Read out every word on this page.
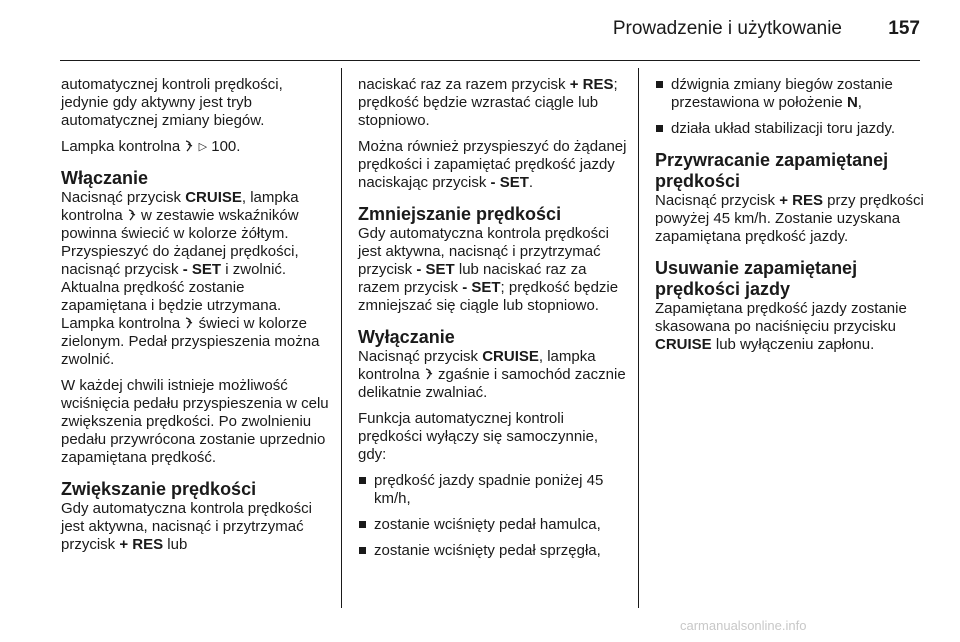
Prowadzenie i użytkowanie	157

automatycznej kontroli prędkości, jedynie gdy aktywny jest tryb automatycznej zmiany biegów.

Lampka kontrolna ▷ 100.

Włączanie

Nacisnąć przycisk CRUISE, lampka kontrolna
w zestawie wskaźników powinna świecić w kolorze żółtym. Przyspieszyć do żądanej prędkości, nacisnąć przycisk - SET i zwolnić. Aktualna prędkość zostanie zapamiętana i będzie utrzymana. Lampka kontrolna
świeci w kolorze zielonym. Pedał przyspieszenia można zwolnić.

W każdej chwili istnieje możliwość wciśnięcia pedału przyspieszenia w celu zwiększenia prędkości. Po zwolnieniu pedału przywrócona zostanie uprzednio zapamiętana prędkość.

Zwiększanie prędkości

Gdy automatyczna kontrola prędkości jest aktywna, nacisnąć i przytrzymać przycisk + RES lub

naciskać raz za razem przycisk + RES; prędkość będzie wzrastać ciągle lub stopniowo.

Można również przyspieszyć do żądanej prędkości i zapamiętać prędkość jazdy naciskając przycisk - SET.

Zmniejszanie prędkości

Gdy automatyczna kontrola prędkości jest aktywna, nacisnąć i przytrzymać przycisk - SET lub naciskać raz za razem przycisk - SET; prędkość będzie zmniejszać się ciągle lub stopniowo.

Wyłączanie

Nacisnąć przycisk CRUISE, lampka kontrolna
zgaśnie i samochód zacznie delikatnie zwalniać.

Funkcja automatycznej kontroli prędkości wyłączy się samoczynnie, gdy:

prędkość jazdy spadnie poniżej 45 km/h,
zostanie wciśnięty pedał hamulca,
zostanie wciśnięty pedał sprzęgła,
dźwignia zmiany biegów zostanie przestawiona w położenie N,
działa układ stabilizacji toru jazdy.
Przywracanie zapamiętanej prędkości

Nacisnąć przycisk + RES przy prędkości powyżej 45 km/h. Zostanie uzyskana zapamiętana prędkość jazdy.

Usuwanie zapamiętanej prędkości jazdy

Zapamiętana prędkość jazdy zostanie skasowana po naciśnięciu przycisku CRUISE lub wyłączeniu zapłonu.

carmanualsonline.info
